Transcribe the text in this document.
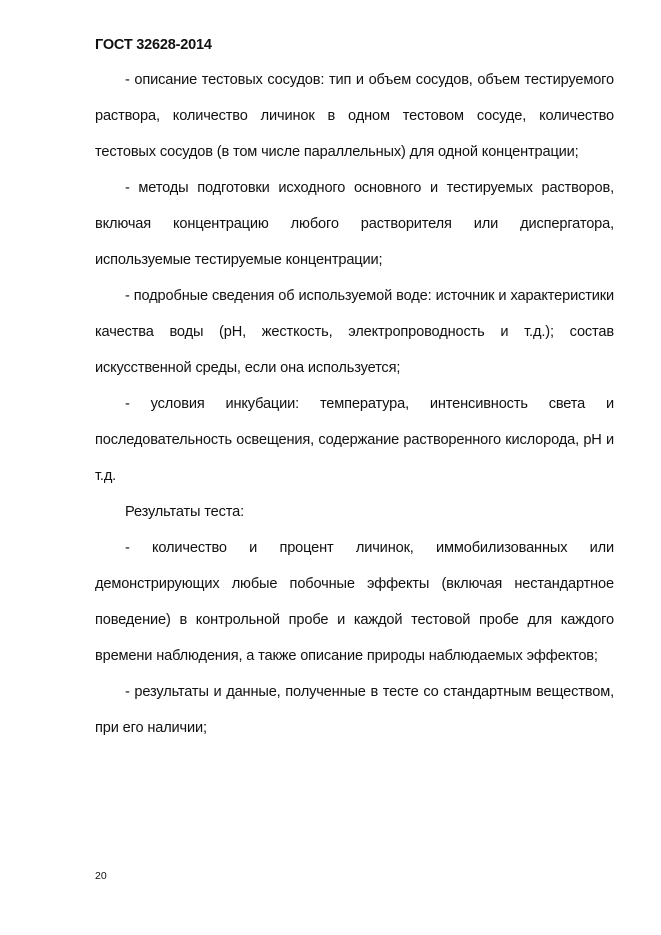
ГОСТ 32628-2014

- описание тестовых сосудов: тип и объем сосудов, объем тестируемого раствора, количество личинок в одном тестовом сосуде, количество тестовых сосудов (в том числе параллельных) для одной концентрации;

- методы подготовки исходного основного и тестируемых растворов, включая концентрацию любого растворителя или диспергатора, используемые тестируемые концентрации;

- подробные сведения об используемой воде: источник и характеристики качества воды (pH, жесткость, электропроводность и т.д.); состав искусственной среды, если она используется;

- условия инкубации: температура, интенсивность света и последовательность освещения, содержание растворенного кислорода, pH и т.д.

Результаты теста:

- количество и процент личинок, иммобилизованных или демонстрирующих любые побочные эффекты (включая нестандартное поведение) в контрольной пробе и каждой тестовой пробе для каждого времени наблюдения, а также описание природы наблюдаемых эффектов;

- результаты и данные, полученные в тесте со стандартным веществом, при его наличии;

20
